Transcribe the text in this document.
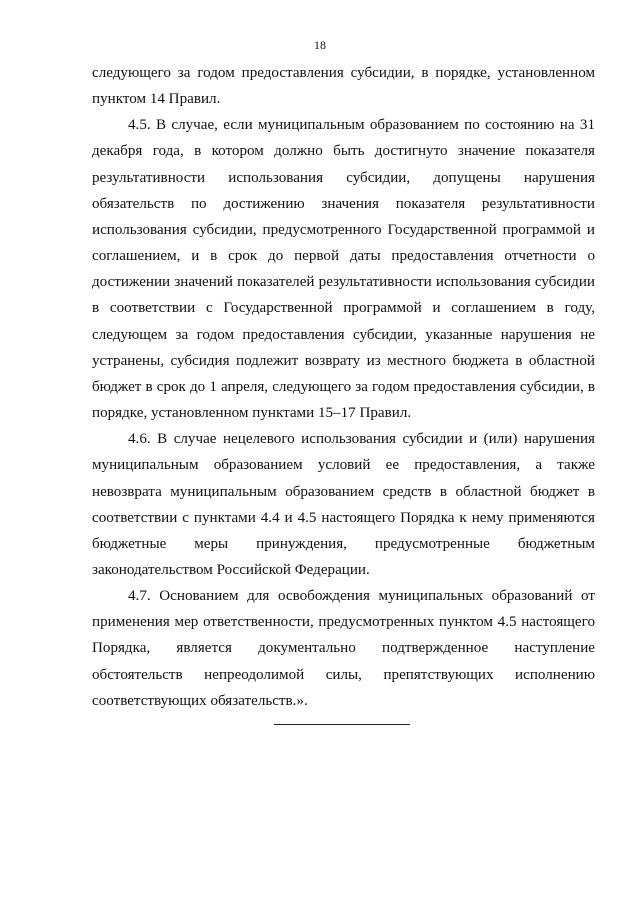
18

следующего за годом предоставления субсидии, в порядке, установленном пунктом 14 Правил.

4.5. В случае, если муниципальным образованием по состоянию на 31 декабря года, в котором должно быть достигнуто значение показателя результативности использования субсидии, допущены нарушения обязательств по достижению значения показателя результативности использования субсидии, предусмотренного Государственной программой и соглашением, и в срок до первой даты предоставления отчетности о достижении значений показателей результативности использования субсидии в соответствии с Государственной программой и соглашением в году, следующем за годом предоставления субсидии, указанные нарушения не устранены, субсидия подлежит возврату из местного бюджета в областной бюджет в срок до 1 апреля, следующего за годом предоставления субсидии, в порядке, установленном пунктами 15–17 Правил.

4.6. В случае нецелевого использования субсидии и (или) нарушения муниципальным образованием условий ее предоставления, а также невозврата муниципальным образованием средств в областной бюджет в соответствии с пунктами 4.4 и 4.5 настоящего Порядка к нему применяются бюджетные меры принуждения, предусмотренные бюджетным законодательством Российской Федерации.

4.7. Основанием для освобождения муниципальных образований от применения мер ответственности, предусмотренных пунктом 4.5 настоящего Порядка, является документально подтвержденное наступление обстоятельств непреодолимой силы, препятствующих исполнению соответствующих обязательств.».
